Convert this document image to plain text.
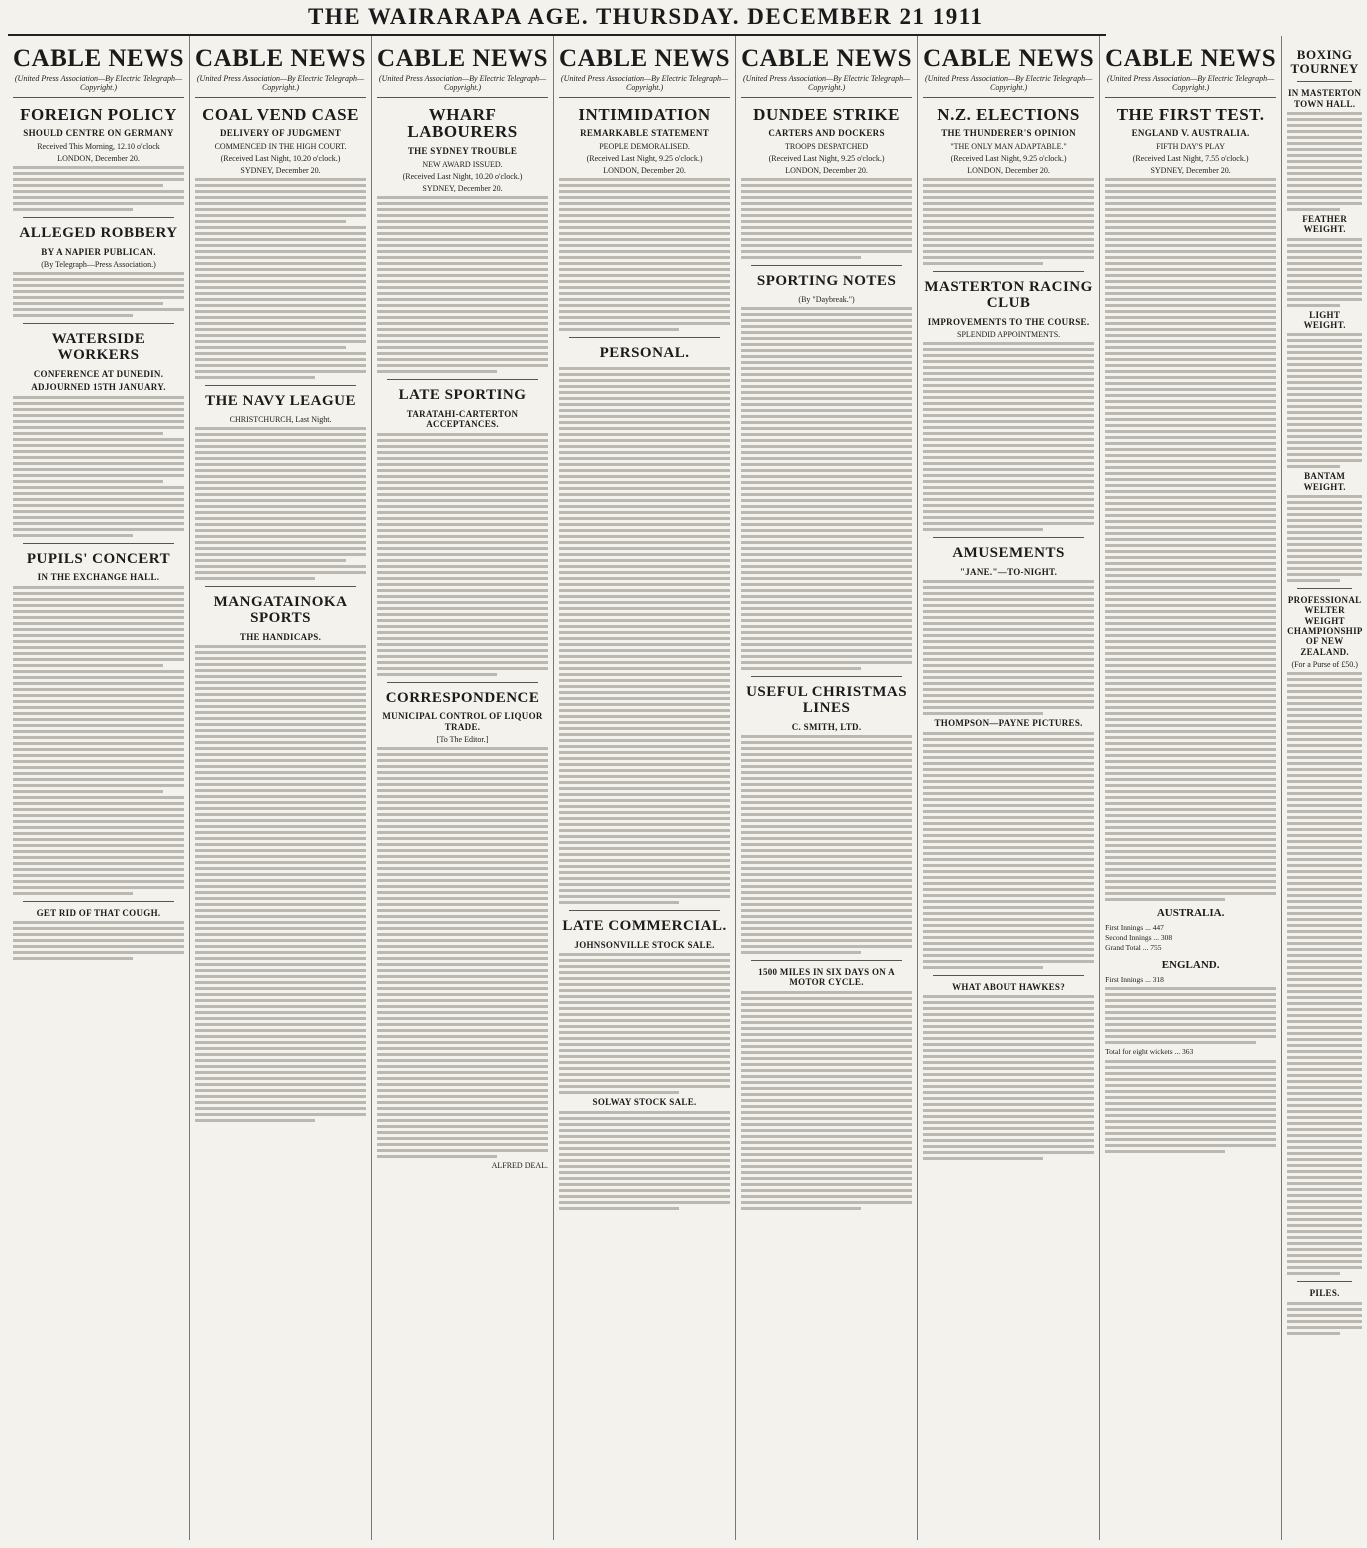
THE WAIRARAPA AGE. THURSDAY. DECEMBER 21 1911
CABLE NEWS
(United Press Association—By Electric Telegraph—Copyright.)
FOREIGN POLICY
SHOULD CENTRE ON GERMANY
Received This Morning, 12.10 o'clock
LONDON, December 20.
ALLEGED ROBBERY
BY A NAPIER PUBLICAN.
(By Telegraph—Press Association.)
WATERSIDE WORKERS
CONFERENCE AT DUNEDIN.
ADJOURNED 15TH JANUARY.
PUPILS' CONCERT
IN THE EXCHANGE HALL.
GET RID OF THAT COUGH.
CABLE NEWS
(United Press Association—By Electric Telegraph—Copyright.)
COAL VEND CASE
DELIVERY OF JUDGMENT
COMMENCED IN THE HIGH COURT.
(Received Last Night, 10.20 o'clock.)
SYDNEY, December 20.
THE NAVY LEAGUE
CHRISTCHURCH, Last Night.
MANGATAINOKA SPORTS
THE HANDICAPS.
CABLE NEWS
(United Press Association—By Electric Telegraph—Copyright.)
WHARF LABOURERS
THE SYDNEY TROUBLE
NEW AWARD ISSUED.
(Received Last Night, 10.20 o'clock.)
SYDNEY, December 20.
LATE SPORTING
TARATAHI-CARTERTON ACCEPTANCES.
CORRESPONDENCE
MUNICIPAL CONTROL OF LIQUOR TRADE.
[To The Editor.]
ALFRED DEAL.
CABLE NEWS
(United Press Association—By Electric Telegraph—Copyright.)
INTIMIDATION
REMARKABLE STATEMENT
PEOPLE DEMORALISED.
(Received Last Night, 9.25 o'clock.)
LONDON, December 20.
PERSONAL.
LATE COMMERCIAL.
JOHNSONVILLE STOCK SALE.
SOLWAY STOCK SALE.
CABLE NEWS
(United Press Association—By Electric Telegraph—Copyright.)
DUNDEE STRIKE
CARTERS AND DOCKERS
TROOPS DESPATCHED
(Received Last Night, 9.25 o'clock.)
LONDON, December 20.
SPORTING NOTES
(By "Daybreak.")
USEFUL CHRISTMAS LINES
C. SMITH, LTD.
1500 MILES IN SIX DAYS ON A MOTOR CYCLE.
CABLE NEWS
(United Press Association—By Electric Telegraph—Copyright.)
N.Z. ELECTIONS
THE THUNDERER'S OPINION
"THE ONLY MAN ADAPTABLE."
(Received Last Night, 9.25 o'clock.)
LONDON, December 20.
MASTERTON RACING CLUB
IMPROVEMENTS TO THE COURSE.
SPLENDID APPOINTMENTS.
AMUSEMENTS
"JANE."—TO-NIGHT.
THOMPSON—PAYNE PICTURES.
WHAT ABOUT HAWKES?
CABLE NEWS
(United Press Association—By Electric Telegraph—Copyright.)
THE FIRST TEST.
ENGLAND V. AUSTRALIA.
FIFTH DAY'S PLAY
(Received Last Night, 7.55 o'clock.)
SYDNEY, December 20.
AUSTRALIA.
First Innings ... 447
Second Innings ... 308
Grand Total ... 755
ENGLAND.
First Innings ... 318
Total for eight wickets ... 363
BOXING TOURNEY
IN MASTERTON TOWN HALL.
FEATHER WEIGHT.
LIGHT WEIGHT.
BANTAM WEIGHT.
PROFESSIONAL WELTER WEIGHT CHAMPIONSHIP OF NEW ZEALAND.
(For a Purse of £50.)
PILES.
